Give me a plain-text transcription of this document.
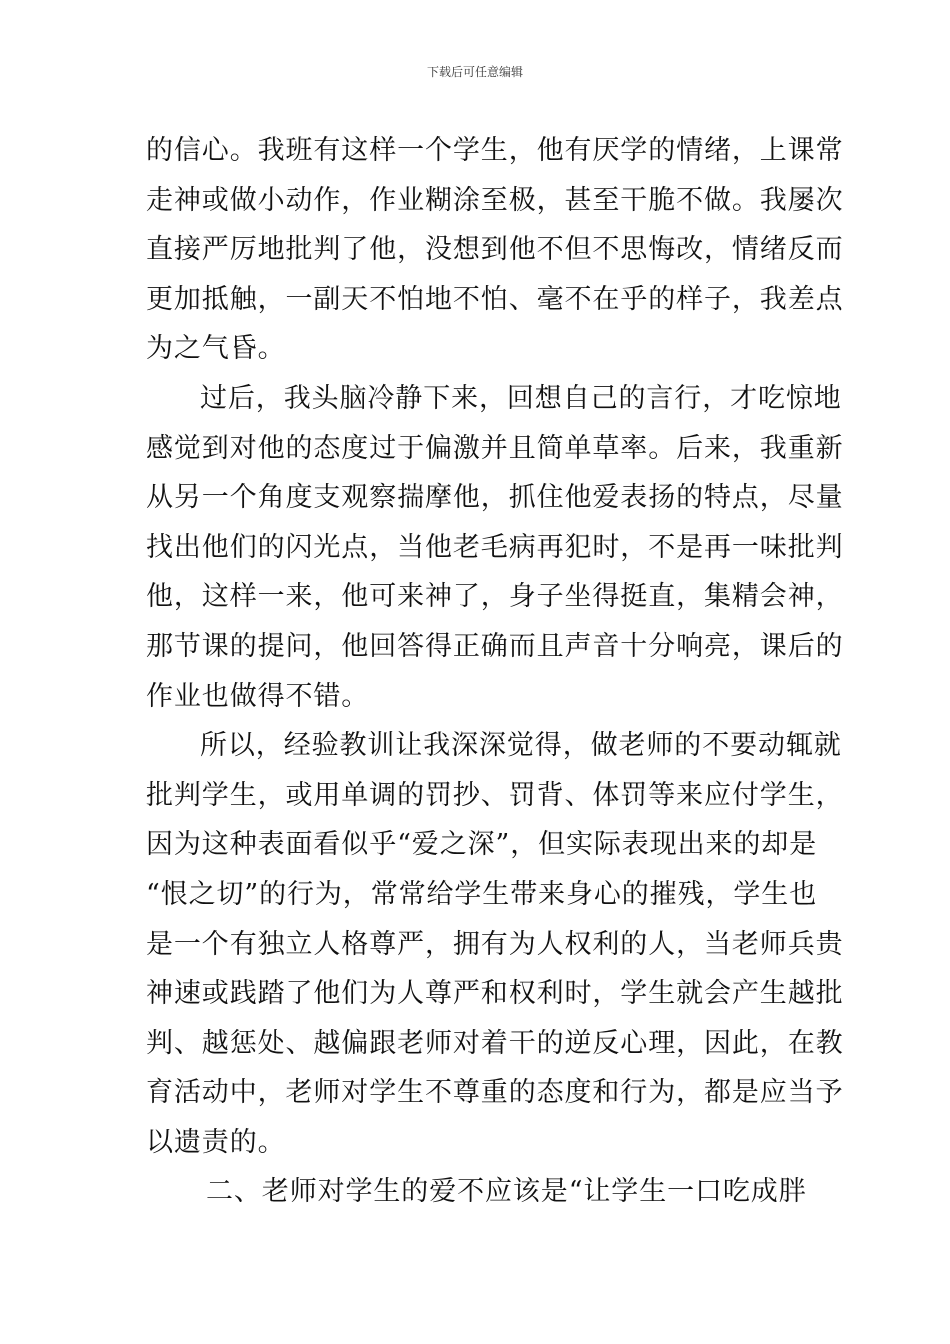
下载后可任意编辑
的信心。我班有这样一个学生，他有厌学的情绪，上课常
走神或做小动作，作业糊涂至极，甚至干脆不做。我屡次
直接严厉地批判了他，没想到他不但不思悔改，情绪反而
更加抵触，一副天不怕地不怕、毫不在乎的样子，我差点
为之气昏。
过后，我头脑冷静下来，回想自己的言行，才吃惊地
感觉到对他的态度过于偏激并且简单草率。后来，我重新
从另一个角度支观察揣摩他，抓住他爱表扬的特点，尽量
找出他们的闪光点，当他老毛病再犯时，不是再一味批判
他，这样一来，他可来神了，身子坐得挺直，集精会神，
那节课的提问，他回答得正确而且声音十分响亮，课后的
作业也做得不错。
所以，经验教训让我深深觉得，做老师的不要动辄就
批判学生，或用单调的罚抄、罚背、体罚等来应付学生，
因为这种表面看似乎“爱之深”，但实际表现出来的却是
“恨之切”的行为，常常给学生带来身心的摧残，学生也
是一个有独立人格尊严，拥有为人权利的人，当老师兵贵
神速或践踏了他们为人尊严和权利时，学生就会产生越批
判、越惩处、越偏跟老师对着干的逆反心理，因此，在教
育活动中，老师对学生不尊重的态度和行为，都是应当予
以遗责的。
二、老师对学生的爱不应该是“让学生一口吃成胖
